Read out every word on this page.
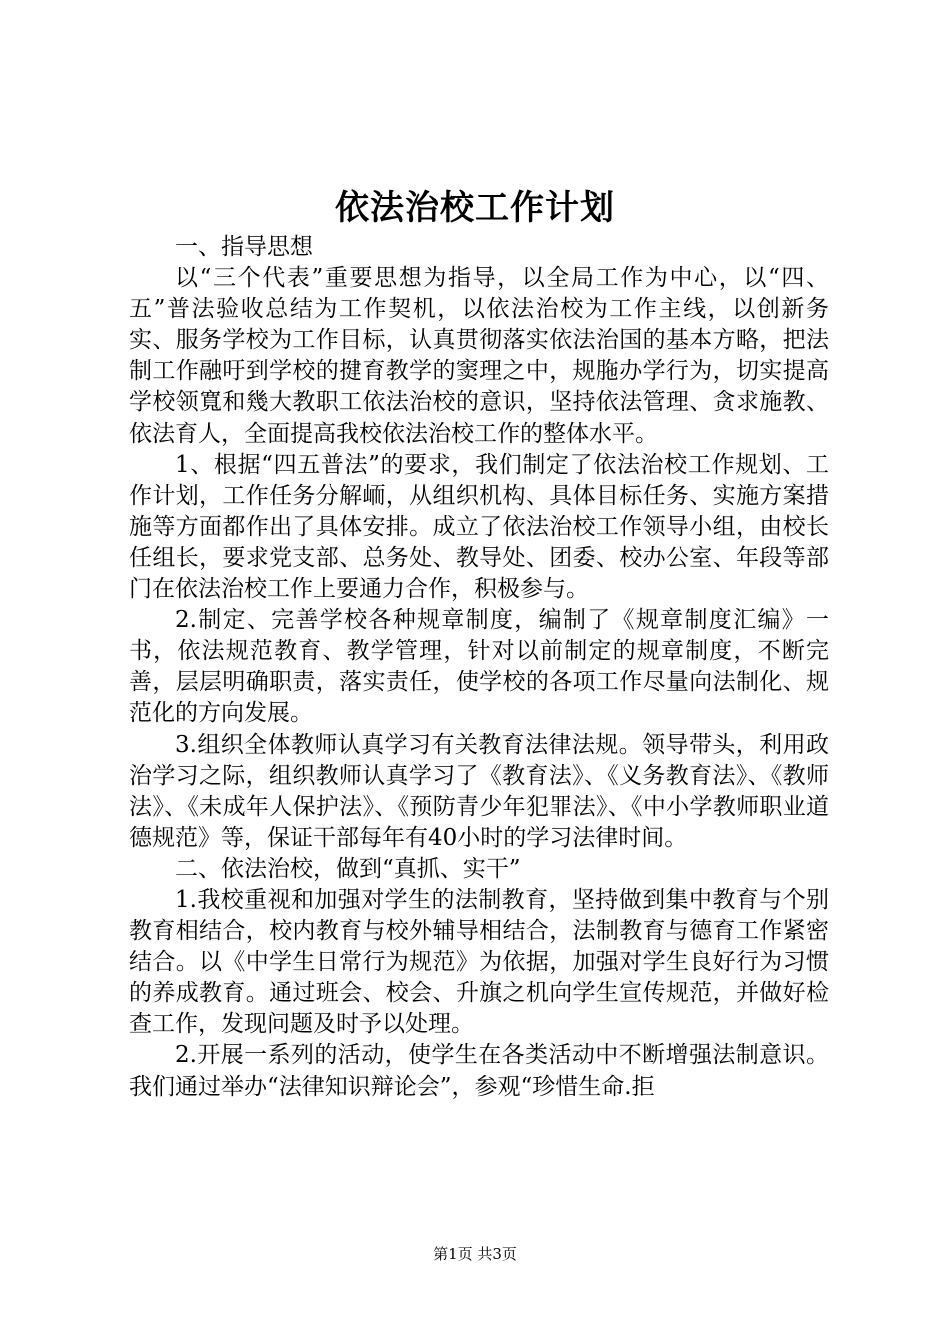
依法治校工作计划

一、指导思想

以“三个代表”重要思想为指导，以全局工作为中心，以“四、五”普法验收总结为工作契机，以依法治校为工作主线，以创新务实、服务学校为工作目标，认真贯彻落实依法治国的基本方略，把法制工作融吁到学校的揵育教学的窦理之中，规胣办学行为，切实提高学校领寬和幾大教职工依法治校的意识，坚持依法管理、贪求施教、依法育人，全面提高我校依法治校工作的整体水平。

1、根据“四五普法”的要求，我们制定了依法治校工作规划、工作计划，工作任务分解峏，从组织机构、具体目标任务、实施方案措施等方面都作出了具体安排。成立了依法治校工作领导小组，由校长任组长，要求党支部、总务处、教导处、团委、校办公室、年段等部门在依法治校工作上要通力合作，积极参与。

2.制定、完善学校各种规章制度，编制了《规章制度汇编》一书，依法规范教育、教学管理，针对以前制定的规章制度，不断完善，层层明确职责，落实责任，使学校的各项工作尽量向法制化、规范化的方向发展。

3.组织全体教师认真学习有关教育法律法规。领导带头，利用政治学习之际，组织教师认真学习了《教育法》、《义务教育法》、《教师法》、《未成年人保护法》、《预防青少年犯罪法》、《中小学教师职业道德规范》等，保证干部每年有40小时的学习法律时间。

二、依法治校，做到“真抓、实干”

1.我校重视和加强对学生的法制教育，坚持做到集中教育与个别教育相结合，校内教育与校外辅导相结合，法制教育与德育工作紧密结合。以《中学生日常行为规范》为依据，加强对学生良好行为习惯的养成教育。通过班会、校会、升旗之机向学生宣传规范，并做好检查工作，发现问题及时予以处理。

2.开展一系列的活动，使学生在各类活动中不断增强法制意识。我们通过举办“法律知识辩论会”，参观“珍惜生命.拒

第1页 共3页
